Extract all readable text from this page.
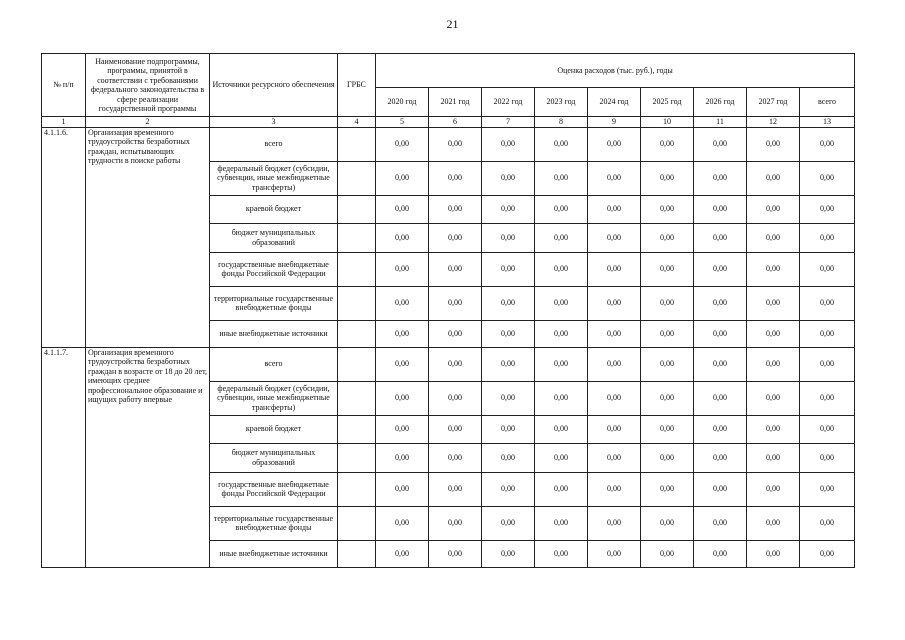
21
№ п/п	Наименование подпрограммы, программы, принятой в соответствии с требованиями федерального законодательства в сфере реализации государственной программы	Источники ресурсного обеспечения	ГРБС	Оценка расходов (тыс. руб.), годы								
				2020 год	2021 год	2022 год	2023 год	2024 год	2025 год	2026 год	2027 год	всего
1	2	3	4	5	6	7	8	9	10	11	12	13
4.1.1.6.	Организация временного трудоустройства безработных граждан, испытывающих трудности в поиске работы	всего		0,00	0,00	0,00	0,00	0,00	0,00	0,00	0,00	0,00
		федеральный бюджет (субсидии, субвенции, иные межбюджетные трансферты)		0,00	0,00	0,00	0,00	0,00	0,00	0,00	0,00	0,00
		краевой бюджет		0,00	0,00	0,00	0,00	0,00	0,00	0,00	0,00	0,00
		бюджет муниципальных образований		0,00	0,00	0,00	0,00	0,00	0,00	0,00	0,00	0,00
		государственные внебюджетные фонды Российской Федерации		0,00	0,00	0,00	0,00	0,00	0,00	0,00	0,00	0,00
		территориальные государственные внебюджетные фонды		0,00	0,00	0,00	0,00	0,00	0,00	0,00	0,00	0,00
		иные внебюджетные источники		0,00	0,00	0,00	0,00	0,00	0,00	0,00	0,00	0,00
4.1.1.7.	Организация временного трудоустройства безработных граждан в возрасте от 18 до 20 лет, имеющих среднее профессиональное образование и ищущих работу впервые	всего		0,00	0,00	0,00	0,00	0,00	0,00	0,00	0,00	0,00
		федеральный бюджет (субсидии, субвенции, иные межбюджетные трансферты)		0,00	0,00	0,00	0,00	0,00	0,00	0,00	0,00	0,00
		краевой бюджет		0,00	0,00	0,00	0,00	0,00	0,00	0,00	0,00	0,00
		бюджет муниципальных образований		0,00	0,00	0,00	0,00	0,00	0,00	0,00	0,00	0,00
		государственные внебюджетные фонды Российской Федерации		0,00	0,00	0,00	0,00	0,00	0,00	0,00	0,00	0,00
		территориальные государственные внебюджетные фонды		0,00	0,00	0,00	0,00	0,00	0,00	0,00	0,00	0,00
		иные внебюджетные источники		0,00	0,00	0,00	0,00	0,00	0,00	0,00	0,00	0,00
